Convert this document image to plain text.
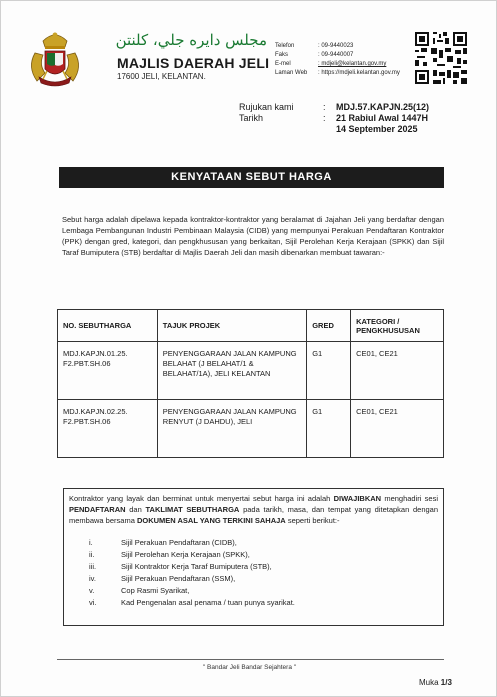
مجلس دايره جلي، كلنتن
MAJLIS DAERAH JELI
17600 JELI, KELANTAN.
Telefon	: 09-9440023
Faks	: 09-9440007
E-mel	: mdjeli@kelantan.gov.my
Laman Web	: https://mdjeli.kelantan.gov.my
Rujukan kami	:	MDJ.57.KAPJN.25(12)
Tarikh	:	21 Rabiul Awal 1447H
14 September 2025
KENYATAAN SEBUT HARGA

Sebut harga adalah dipelawa kepada kontraktor-kontraktor yang beralamat di Jajahan Jeli yang berdaftar dengan Lembaga Pembangunan Industri Pembinaan Malaysia (CIDB) yang mempunyai Perakuan Pendaftaran Kontraktor (PPK) dengan gred, kategori, dan pengkhususan yang berkaitan, Sijil Perolehan Kerja Kerajaan (SPKK) dan Sijil Taraf Bumiputera (STB) berdaftar di Majlis Daerah Jeli dan masih dibenarkan membuat tawaran:-

NO. SEBUTHARGA	TAJUK PROJEK	GRED	KATEGORI / PENGKHUSUSAN
MDJ.KAPJN.01.25. F2.PBT.SH.06	PENYENGGARAAN JALAN KAMPUNG BELAHAT (J BELAHAT/1 & BELAHAT/1A), JELI KELANTAN	G1	CE01, CE21
MDJ.KAPJN.02.25. F2.PBT.SH.06	PENYENGGARAAN JALAN KAMPUNG RENYUT (J DAHDU), JELI	G1	CE01, CE21

Kontraktor yang layak dan berminat untuk menyertai sebut harga ini adalah DIWAJIBKAN menghadiri sesi PENDAFTARAN dan TAKLIMAT SEBUTHARGA pada tarikh, masa, dan tempat yang ditetapkan dengan membawa bersama DOKUMEN ASAL YANG TERKINI SAHAJA seperti berikut:-

i.	Sijil Perakuan Pendaftaran (CIDB),
ii.	Sijil Perolehan Kerja Kerajaan (SPKK),
iii.	Sijil Kontraktor Kerja Taraf Bumiputera (STB),
iv.	Sijil Perakuan Pendaftaran (SSM),
v.	Cop Rasmi Syarikat,
vi.	Kad Pengenalan asal penama / tuan punya syarikat.
" Bandar Jeli Bandar Sejahtera "
Muka 1/3
